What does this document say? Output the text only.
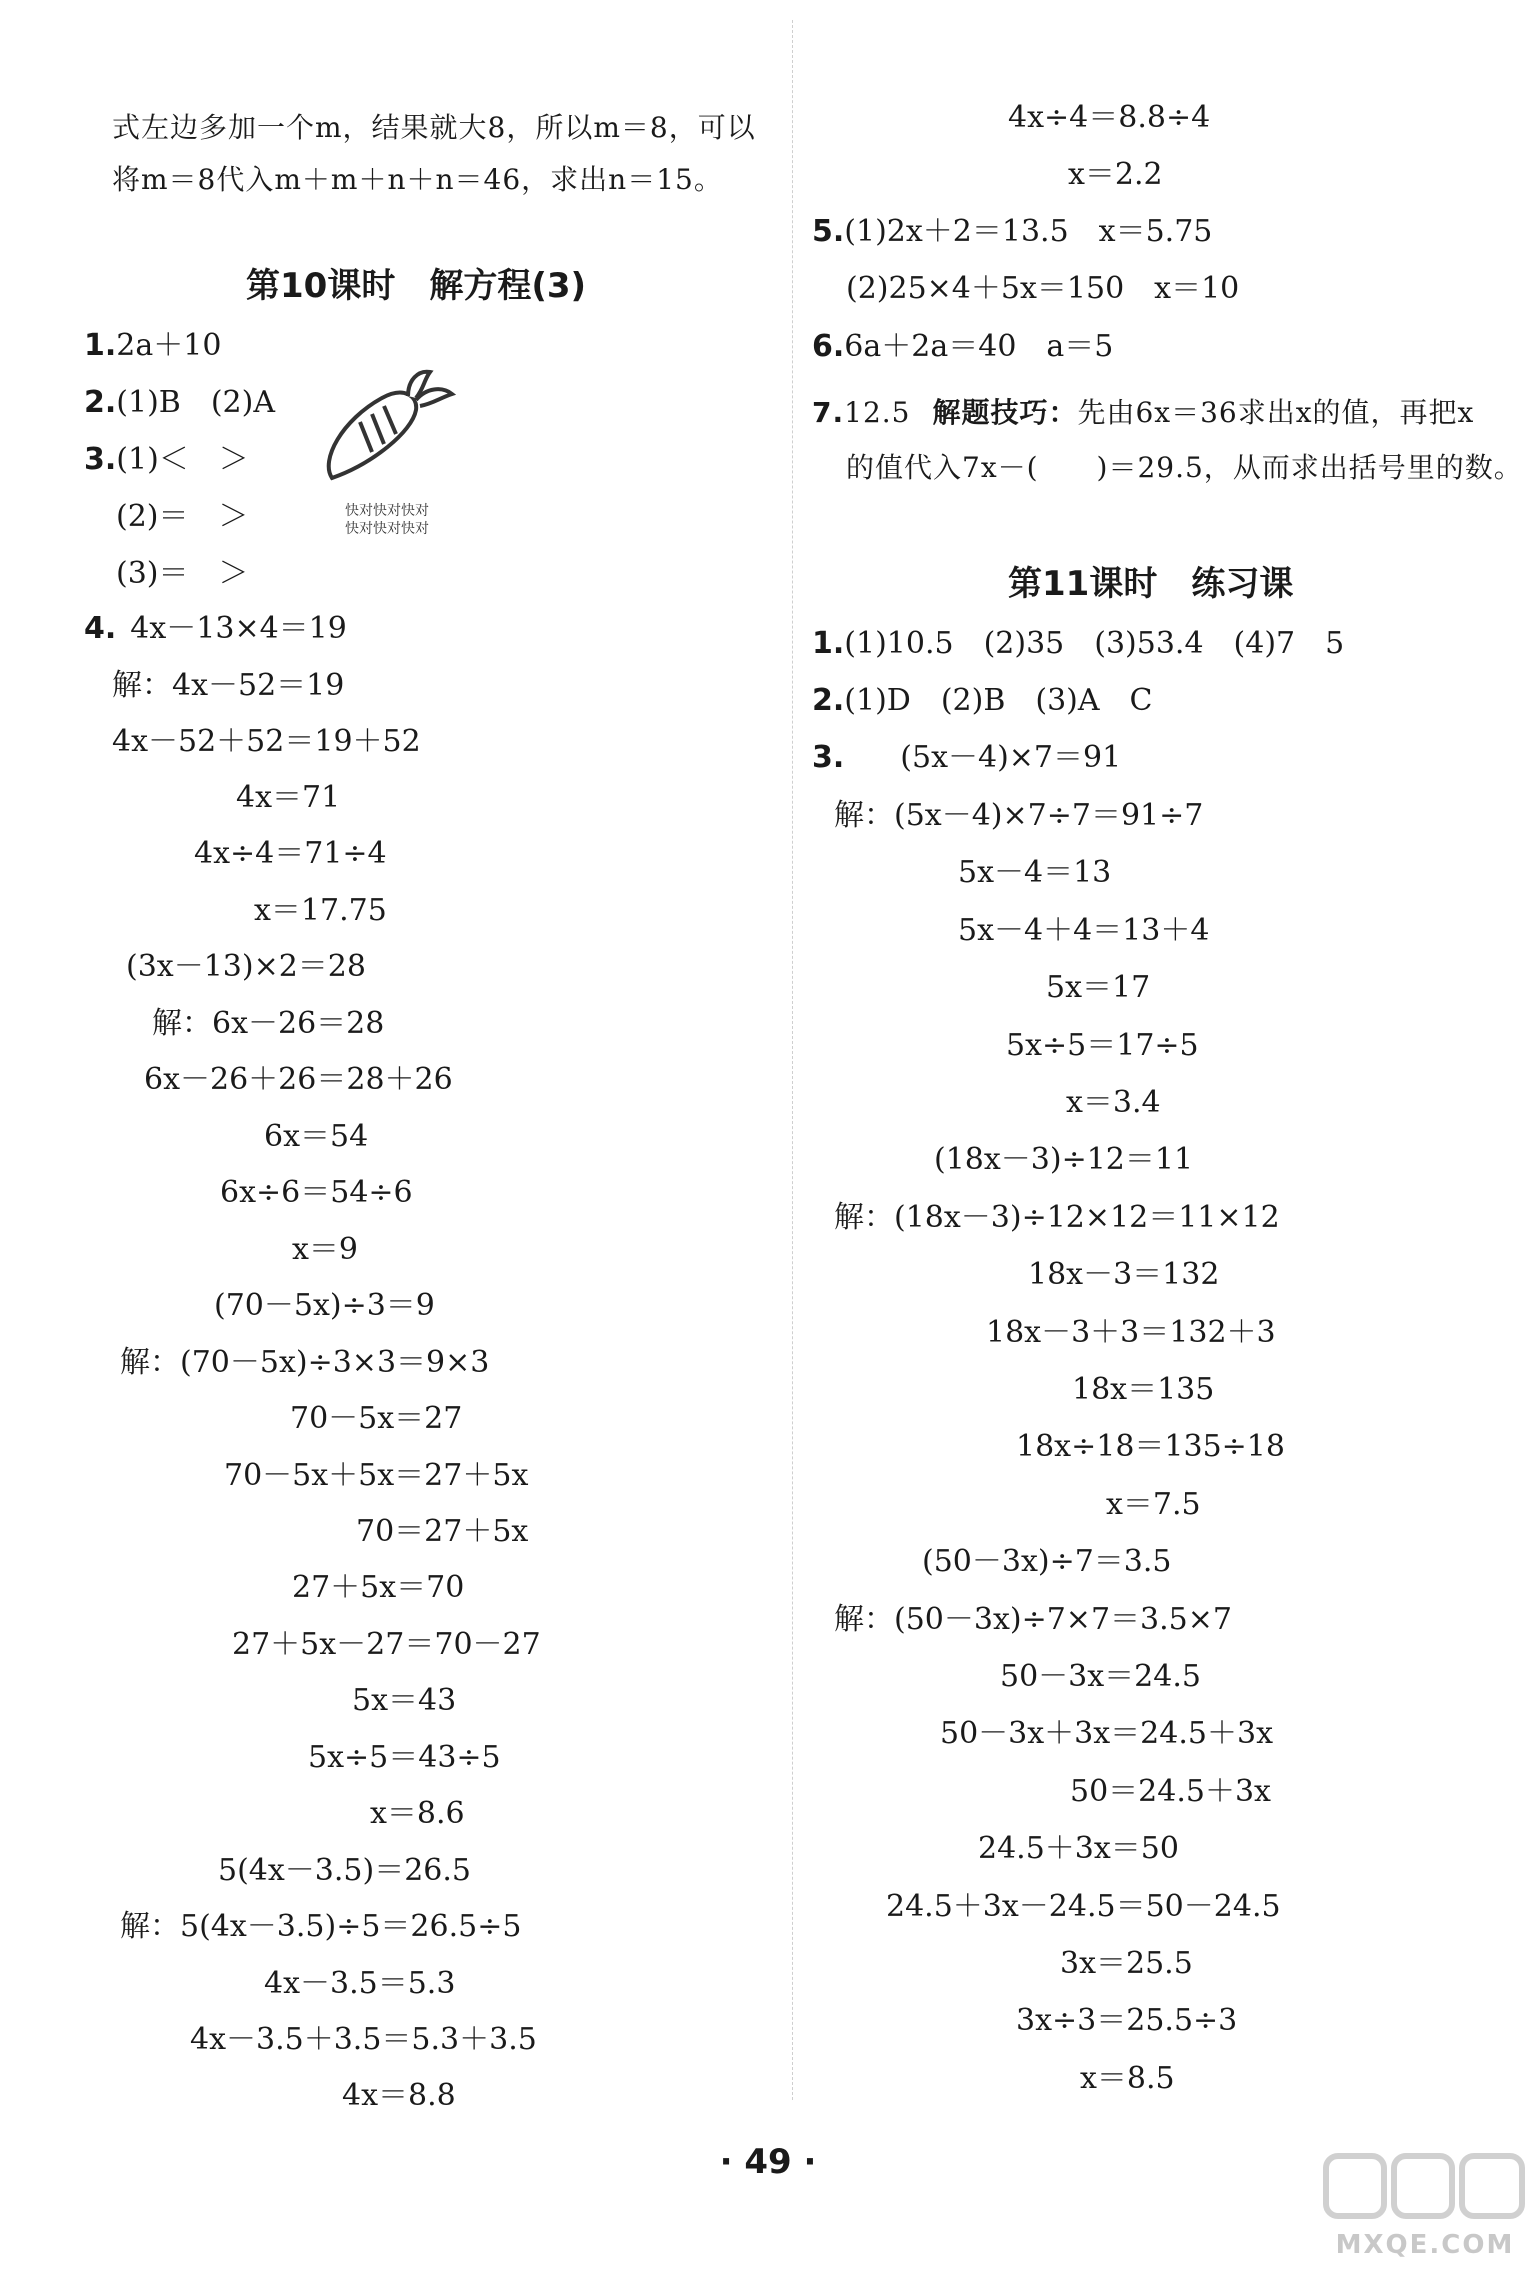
式左边多加一个m，结果就大8，所以m＝8，可以
将m＝8代入m＋m＋n＋n＝46，求出n＝15。
第10课时　解方程(3)
1.2a＋10
2.(1)B　(2)A
3.(1)＜　＞
(2)＝　＞
(3)＝　＞
快对快对快对
快对快对快对
4. 4x－13×4＝19
解：4x－52＝19
4x－52＋52＝19＋52
4x＝71
4x÷4＝71÷4
x＝17.75
(3x－13)×2＝28
解：6x－26＝28
6x－26＋26＝28＋26
6x＝54
6x÷6＝54÷6
x＝9
(70－5x)÷3＝9
解：(70－5x)÷3×3＝9×3
70－5x＝27
70－5x＋5x＝27＋5x
70＝27＋5x
27＋5x＝70
27＋5x－27＝70－27
5x＝43
5x÷5＝43÷5
x＝8.6
5(4x－3.5)＝26.5
解：5(4x－3.5)÷5＝26.5÷5
4x－3.5＝5.3
4x－3.5＋3.5＝5.3＋3.5
4x＝8.8
4x÷4＝8.8÷4
x＝2.2
5.(1)2x＋2＝13.5　x＝5.75
(2)25×4＋5x＝150　x＝10
6.6a＋2a＝40　a＝5
7.12.5 解题技巧：先由6x＝36求出x的值，再把x
的值代入7x－(　　)＝29.5，从而求出括号里的数。
第11课时　练习课
1.(1)10.5　(2)35　(3)53.4　(4)7　5
2.(1)D　(2)B　(3)A　C
3. (5x－4)×7＝91
解：(5x－4)×7÷7＝91÷7
5x－4＝13
5x－4＋4＝13＋4
5x＝17
5x÷5＝17÷5
x＝3.4
(18x－3)÷12＝11
解：(18x－3)÷12×12＝11×12
18x－3＝132
18x－3＋3＝132＋3
18x＝135
18x÷18＝135÷18
x＝7.5
(50－3x)÷7＝3.5
解：(50－3x)÷7×7＝3.5×7
50－3x＝24.5
50－3x＋3x＝24.5＋3x
50＝24.5＋3x
24.5＋3x＝50
24.5＋3x－24.5＝50－24.5
3x＝25.5
3x÷3＝25.5÷3
x＝8.5
· 49 ·
MXQE.COM
